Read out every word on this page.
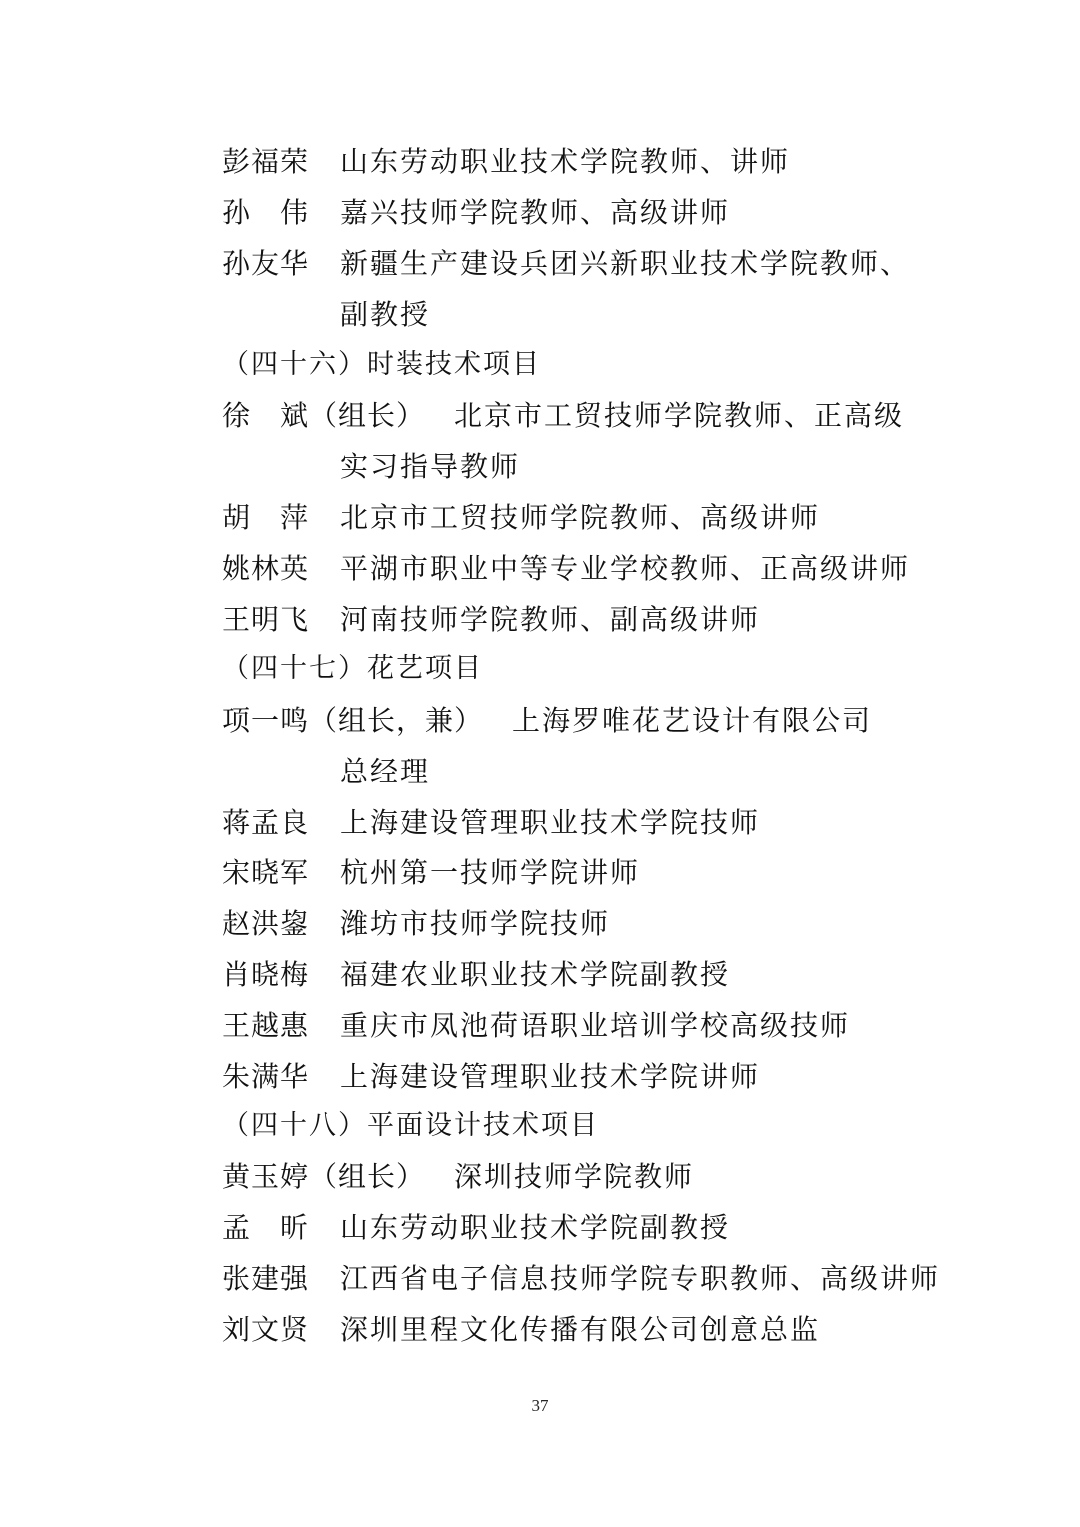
彭福荣 山东劳动职业技术学院教师、讲师
孙　伟 嘉兴技师学院教师、高级讲师
孙友华 新疆生产建设兵团兴新职业技术学院教师、
副教授
（四十六）时装技术项目
徐　斌（组长） 北京市工贸技师学院教师、正高级
实习指导教师
胡　萍 北京市工贸技师学院教师、高级讲师
姚林英 平湖市职业中等专业学校教师、正高级讲师
王明飞 河南技师学院教师、副高级讲师
（四十七）花艺项目
项一鸣（组长，兼） 上海罗唯花艺设计有限公司
总经理
蒋孟良 上海建设管理职业技术学院技师
宋晓军 杭州第一技师学院讲师
赵洪鋆 潍坊市技师学院技师
肖晓梅 福建农业职业技术学院副教授
王越惠 重庆市凤池荷语职业培训学校高级技师
朱满华 上海建设管理职业技术学院讲师
（四十八）平面设计技术项目
黄玉婷（组长） 深圳技师学院教师
孟　昕 山东劳动职业技术学院副教授
张建强 江西省电子信息技师学院专职教师、高级讲师
刘文贤 深圳里程文化传播有限公司创意总监
37
